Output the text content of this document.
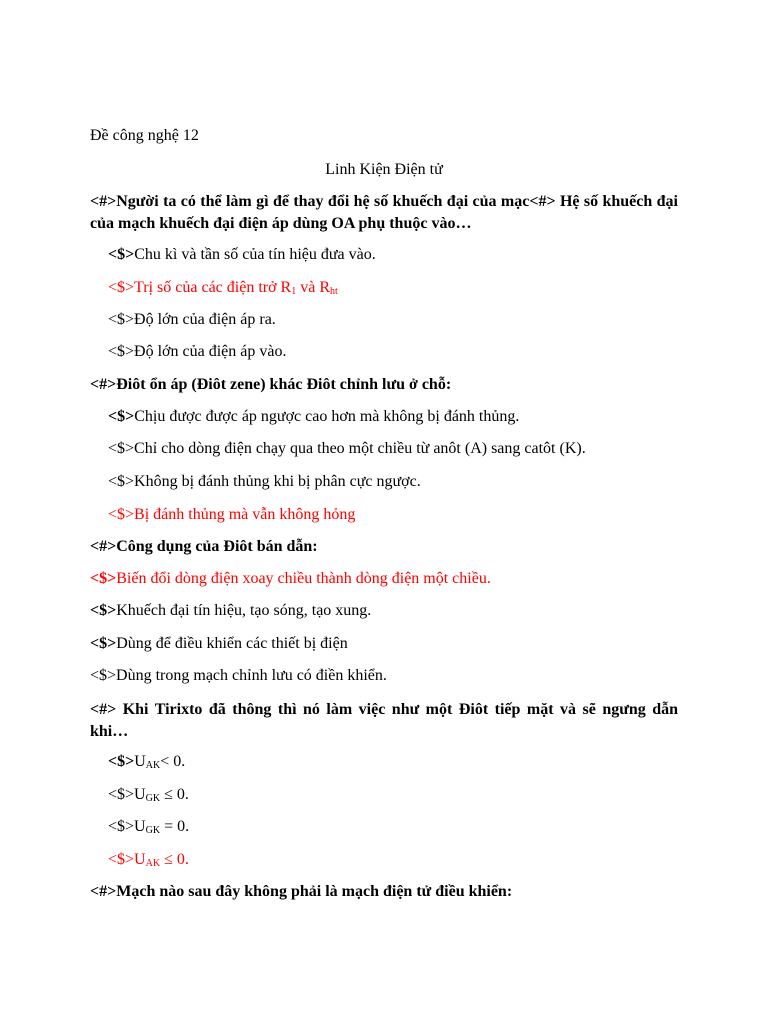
Đề công nghệ 12
Linh Kiện Điện tử
<#>Người ta có thể làm gì để thay đổi hệ số khuếch đại của mạc<#> Hệ số khuếch đại của mạch khuếch đại điện áp dùng OA phụ thuộc vào…
<$>Chu kì và tần số của tín hiệu đưa vào.
<$>Trị số của các điện trở $R_1$ và $R_{ht}$
<$>Độ lớn của điện áp ra.
<$>Độ lớn của điện áp vào.
<#>Điôt ổn áp (Điôt zene) khác Điôt chỉnh lưu ở chỗ:
<$>Chịu được được áp ngược cao hơn mà không bị đánh thủng.
<$>Chỉ cho dòng điện chạy qua theo một chiều từ anôt (A) sang catôt (K).
<$>Không bị đánh thủng khi bị phân cực ngược.
<$>Bị đánh thủng mà vẫn không hỏng
<#>Công dụng của Điôt bán dẫn:
<$>Biến đổi dòng điện xoay chiều thành dòng điện một chiều.
<$>Khuếch đại tín hiệu, tạo sóng, tạo xung.
<$>Dùng để điều khiển các thiết bị điện
<$>Dùng trong mạch chỉnh lưu có điền khiển.
<#> Khi Tirixto đã thông thì nó làm việc như một Điôt tiếp mặt và sẽ ngưng dẫn khi…
$<\$>U_{AK}< 0$.
$<\$>U_{GK} \le 0$.
$<\$>U_{GK} = 0$.
$<\$>U_{AK} \le 0$.
<#>Mạch nào sau đây không phải là mạch điện tử điều khiển:
